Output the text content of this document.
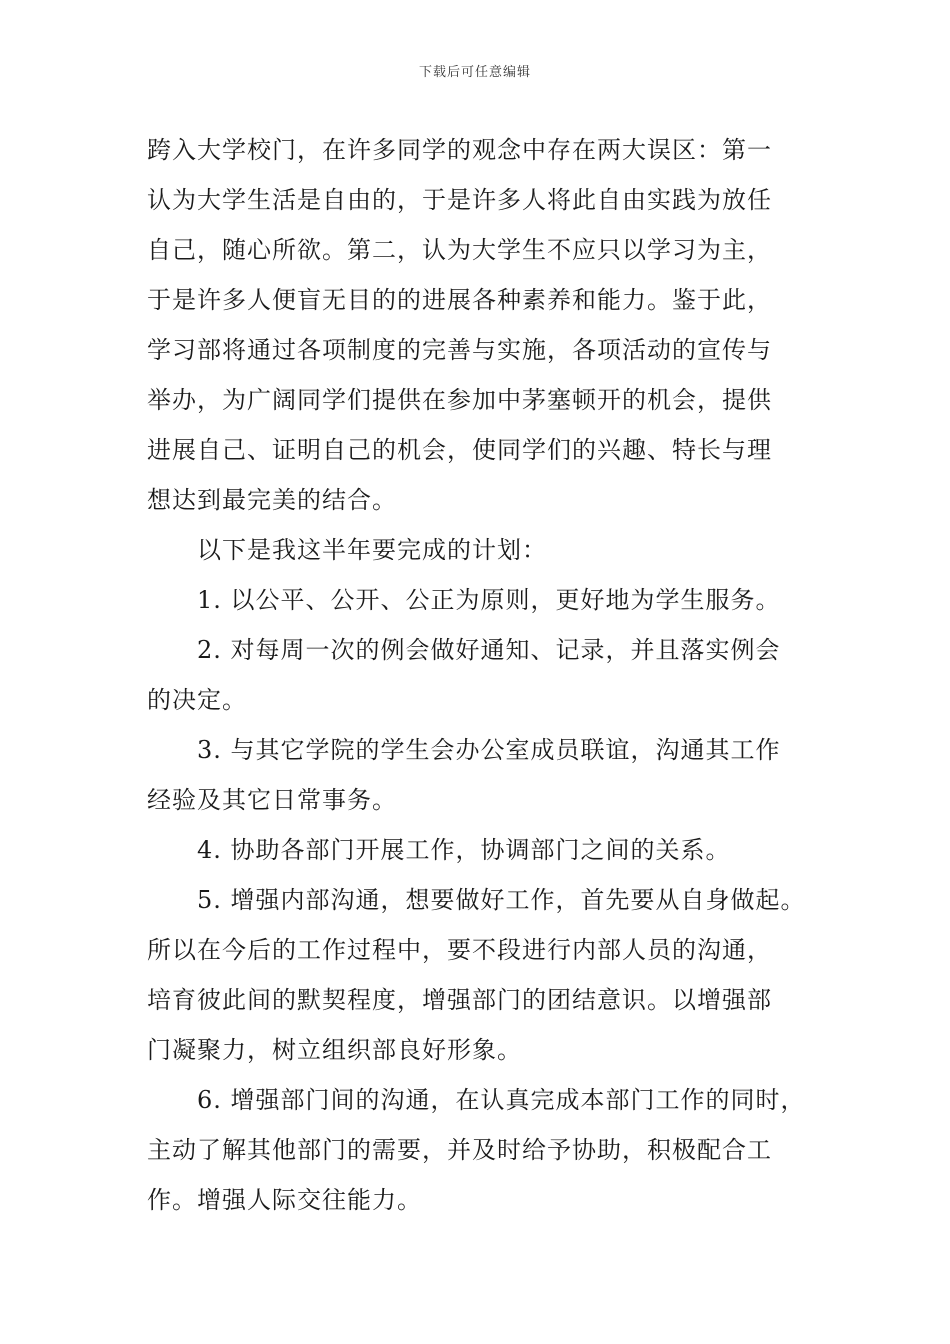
下载后可任意编辑
跨入大学校门，在许多同学的观念中存在两大误区：第一
认为大学生活是自由的，于是许多人将此自由实践为放任
自己，随心所欲。第二，认为大学生不应只以学习为主，
于是许多人便盲无目的的进展各种素养和能力。鉴于此，
学习部将通过各项制度的完善与实施，各项活动的宣传与
举办，为广阔同学们提供在参加中茅塞顿开的机会，提供
进展自己、证明自己的机会，使同学们的兴趣、特长与理
想达到最完美的结合。
以下是我这半年要完成的计划：
1. 以公平、公开、公正为原则，更好地为学生服务。
2. 对每周一次的例会做好通知、记录，并且落实例会
的决定。
3. 与其它学院的学生会办公室成员联谊，沟通其工作
经验及其它日常事务。
4. 协助各部门开展工作，协调部门之间的关系。
5. 增强内部沟通，想要做好工作，首先要从自身做起。
所以在今后的工作过程中，要不段进行内部人员的沟通，
培育彼此间的默契程度，增强部门的团结意识。以增强部
门凝聚力，树立组织部良好形象。
6. 增强部门间的沟通，在认真完成本部门工作的同时，
主动了解其他部门的需要，并及时给予协助，积极配合工
作。增强人际交往能力。
